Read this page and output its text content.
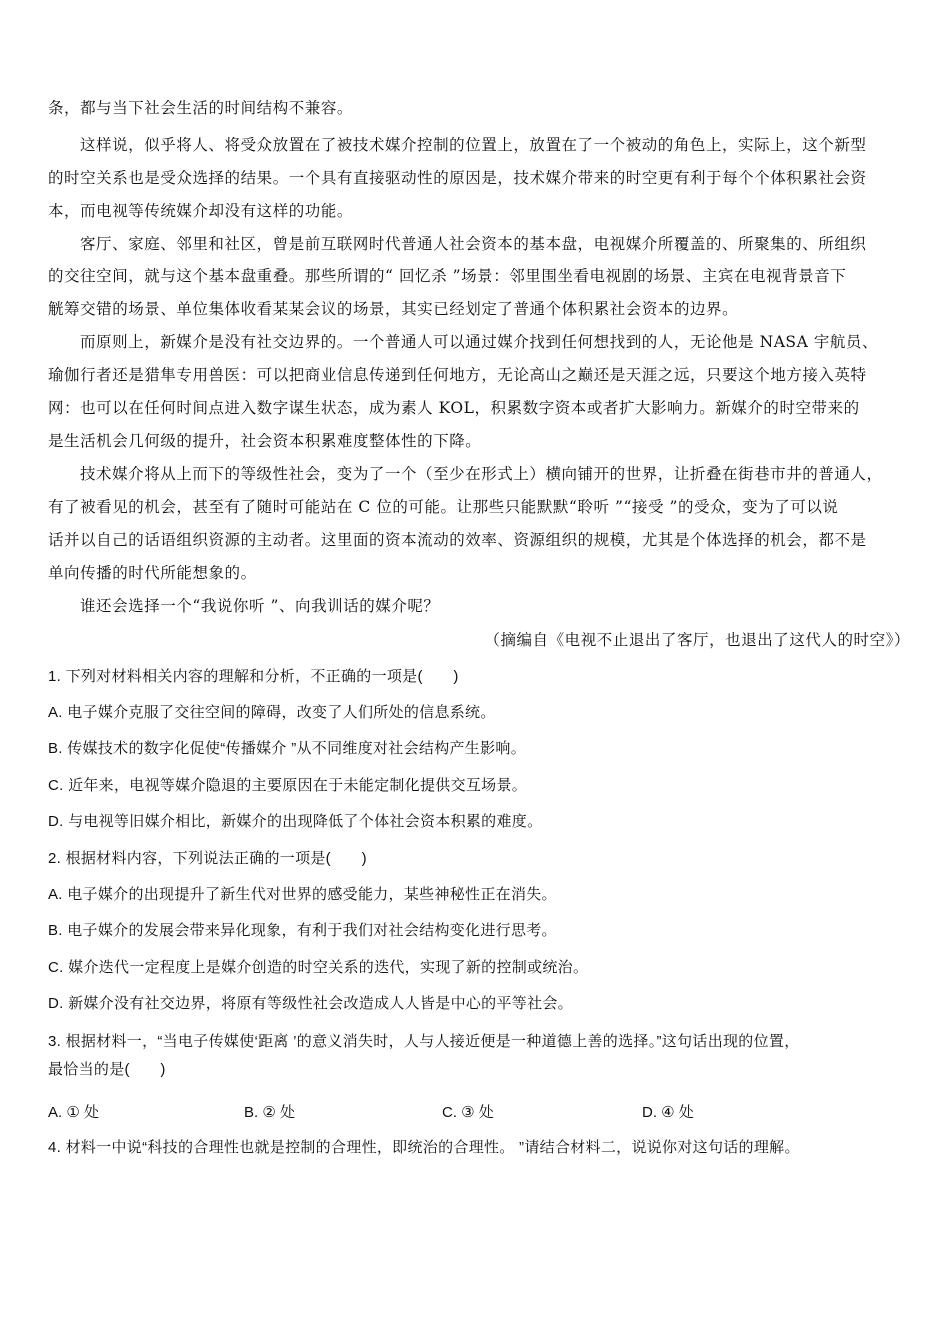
条，都与当下社会生活的时间结构不兼容。
这样说，似乎将人、将受众放置在了被技术媒介控制的位置上，放置在了一个被动的角色上，实际上，这个新型
的时空关系也是受众选择的结果。一个具有直接驱动性的原因是，技术媒介带来的时空更有利于每个个体积累社会资
本，而电视等传统媒介却没有这样的功能。
客厅、家庭、邻里和社区，曾是前互联网时代普通人社会资本的基本盘，电视媒介所覆盖的、所聚集的、所组织
的交往空间，就与这个基本盘重叠。那些所谓的“ 回忆杀 ”场景：邻里围坐看电视剧的场景、主宾在电视背景音下
觥筹交错的场景、单位集体收看某某会议的场景，其实已经划定了普通个体积累社会资本的边界。
而原则上，新媒介是没有社交边界的。一个普通人可以通过媒介找到任何想找到的人，无论他是 NASA 宇航员、
瑜伽行者还是猎隼专用兽医：可以把商业信息传递到任何地方，无论高山之巅还是天涯之远，只要这个地方接入英特
网：也可以在任何时间点进入数字谋生状态，成为素人 KOL，积累数字资本或者扩大影响力。新媒介的时空带来的
是生活机会几何级的提升，社会资本积累难度整体性的下降。
技术媒介将从上而下的等级性社会，变为了一个（至少在形式上）横向铺开的世界，让折叠在街巷市井的普通人，
有了被看见的机会，甚至有了随时可能站在 C 位的可能。让那些只能默默“聆听 ”“接受 ”的受众，变为了可以说
话并以自己的话语组织资源的主动者。这里面的资本流动的效率、资源组织的规模，尤其是个体选择的机会，都不是
单向传播的时代所能想象的。
谁还会选择一个“我说你听 ”、向我训话的媒介呢？
（摘编自《电视不止退出了客厅，也退出了这代人的时空》）
1. 下列对材料相关内容的理解和分析，不正确的一项是(　　)
A. 电子媒介克服了交往空间的障碍，改变了人们所处的信息系统。
B. 传媒技术的数字化促使“传播媒介 ”从不同维度对社会结构产生影响。
C. 近年来，电视等媒介隐退的主要原因在于未能定制化提供交互场景。
D. 与电视等旧媒介相比，新媒介的出现降低了个体社会资本积累的难度。
2. 根据材料内容，下列说法正确的一项是(　　)
A. 电子媒介的出现提升了新生代对世界的感受能力，某些神秘性正在消失。
B. 电子媒介的发展会带来异化现象，有利于我们对社会结构变化进行思考。
C. 媒介迭代一定程度上是媒介创造的时空关系的迭代，实现了新的控制或统治。
D. 新媒介没有社交边界，将原有等级性社会改造成人人皆是中心的平等社会。
3. 根据材料一，“当电子传媒使‘距离 ’的意义消失时，人与人接近便是一种道德上善的选择。”这句话出现的位置，
最恰当的是(　　)
A. ① 处	B. ② 处	C. ③ 处	D. ④ 处
4. 材料一中说“科技的合理性也就是控制的合理性，即统治的合理性。 ”请结合材料二，说说你对这句话的理解。
